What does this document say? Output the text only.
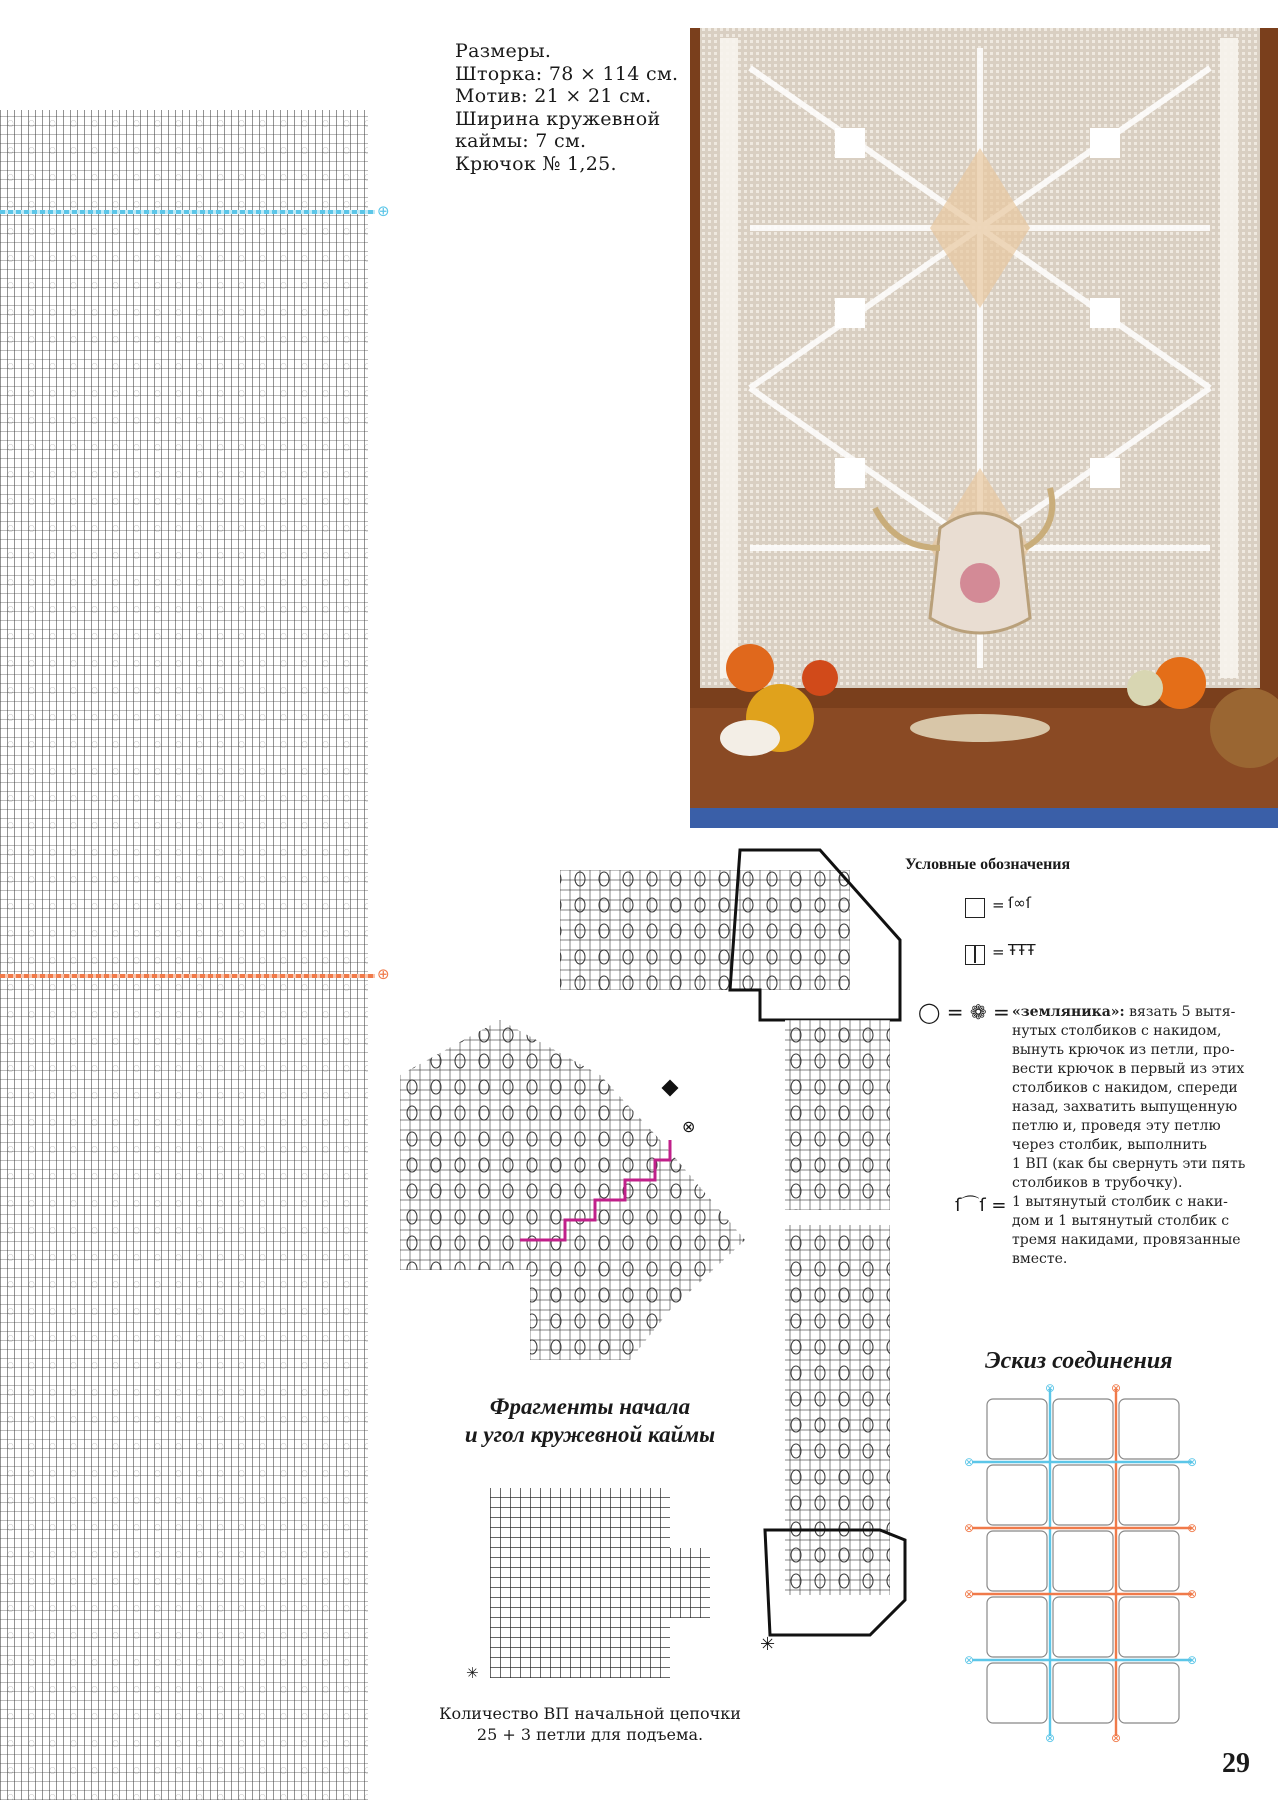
⊕
⊕
Размеры.
Шторка: 78 × 114 см.
Мотив: 21 × 21 см.
Ширина кружевной
каймы: 7 см.
Крючок № 1,25.
✳
⊗
✳
Условные обозначения
= ſ∞ſ
= ŦŦŦ
◯ = ❁ = «земляника»: вязать 5 вытя-
нутых столбиков с накидом,
вынуть крючок из петли, про-
вести крючок в первый из этих
столбиков с накидом, спереди
назад, захватить выпущенную
петлю и, проведя эту петлю
через столбик, выполнить
1 ВП (как бы свернуть эти пять
столбиков в трубочку).
ſ⌒ſ = 1 вытянутый столбик с наки-
дом и 1 вытянутый столбик с
тремя накидами, провязанные
вместе.
Фрагменты начала
и угол кружевной каймы
Количество ВП начальной цепочки
25 + 3 петли для подъема.
Эскиз соединения
⊗	⊗
⊗	⊗
⊗	⊗
⊗	⊗
⊗	⊗
⊗	⊗
29
